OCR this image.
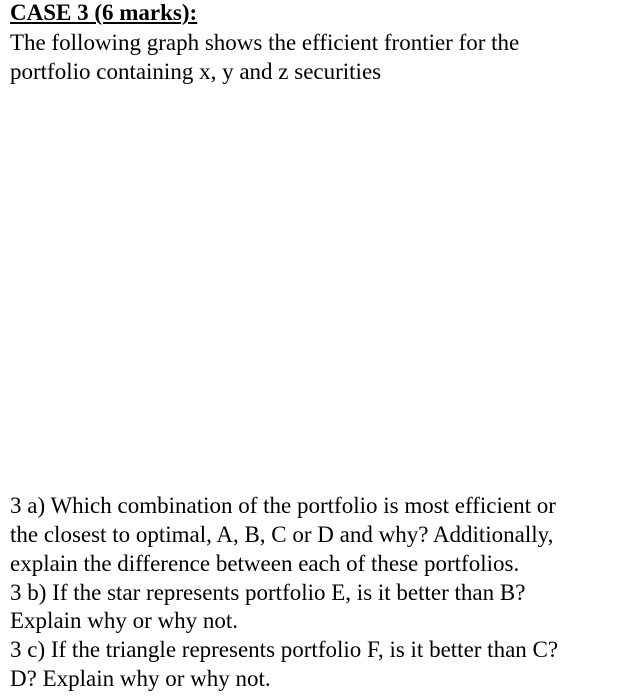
CASE 3 (6 marks):
The following graph shows the efficient frontier for the
portfolio containing x, y and z securities
3 a) Which combination of the portfolio is most efficient or
the closest to optimal, A, B, C or D and why? Additionally,
explain the difference between each of these portfolios.
3 b) If the star represents portfolio E, is it better than B?
Explain why or why not.
3 c) If the triangle represents portfolio F, is it better than C?
D? Explain why or why not.
